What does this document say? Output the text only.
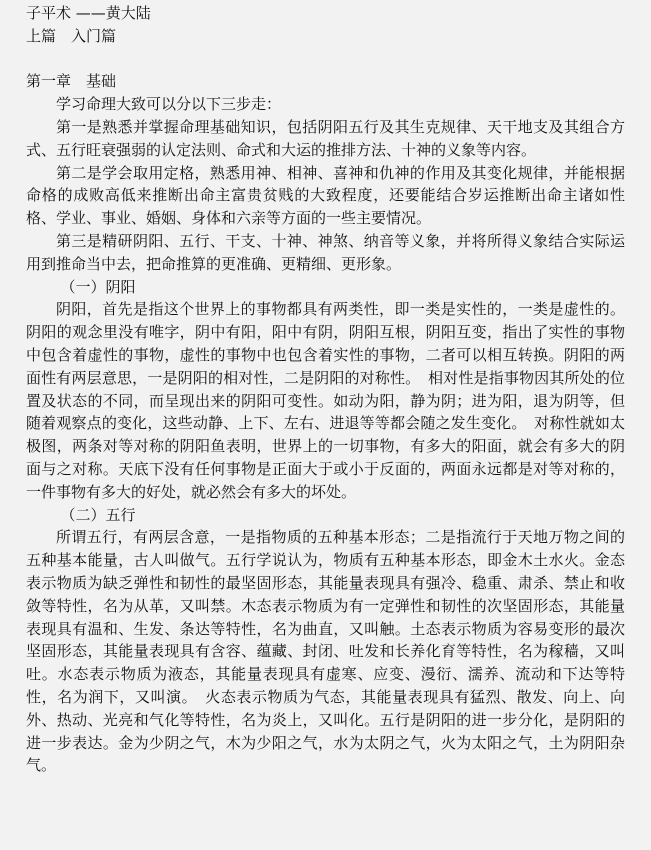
子平术 ——黄大陆

上篇　入门篇

第一章　基础

学习命理大致可以分以下三步走：

第一是熟悉并掌握命理基础知识，包括阴阳五行及其生克规律、天干地支及其组合方式、五行旺衰强弱的认定法则、命式和大运的推排方法、十神的义象等内容。

第二是学会取用定格，熟悉用神、相神、喜神和仇神的作用及其变化规律，并能根据命格的成败高低来推断出命主富贵贫贱的大致程度，还要能结合岁运推断出命主诸如性格、学业、事业、婚姻、身体和六亲等方面的一些主要情况。

第三是精研阴阳、五行、干支、十神、神煞、纳音等义象，并将所得义象结合实际运用到推命当中去，把命推算的更准确、更精细、更形象。

（一）阴阳

阴阳，首先是指这个世界上的事物都具有两类性，即一类是实性的，一类是虚性的。阴阳的观念里没有唯字，阴中有阳，阳中有阴，阴阳互根，阴阳互变，指出了实性的事物中包含着虚性的事物，虚性的事物中也包含着实性的事物，二者可以相互转换。阴阳的两面性有两层意思，一是阴阳的相对性，二是阴阳的对称性。　相对性是指事物因其所处的位置及状态的不同，而呈现出来的阴阳可变性。如动为阳，静为阴；进为阳，退为阴等，但随着观察点的变化，这些动静、上下、左右、进退等等都会随之发生变化。　对称性就如太极图，两条对等对称的阴阳鱼表明，世界上的一切事物，有多大的阳面，就会有多大的阴面与之对称。天底下没有任何事物是正面大于或小于反面的，两面永远都是对等对称的，一件事物有多大的好处，就必然会有多大的坏处。

（二）五行

所谓五行，有两层含意，一是指物质的五种基本形态；二是指流行于天地万物之间的五种基本能量，古人叫做气。五行学说认为，物质有五种基本形态，即金木土水火。金态表示物质为缺乏弹性和韧性的最坚固形态，其能量表现具有强冷、稳重、肃杀、禁止和收敛等特性，名为从革，又叫禁。木态表示物质为有一定弹性和韧性的次坚固形态，其能量表现具有温和、生发、条达等特性，名为曲直，又叫触。土态表示物质为容易变形的最次坚固形态，其能量表现具有含容、蕴藏、封闭、吐发和长养化育等特性，名为稼穑，又叫吐。水态表示物质为液态，其能量表现具有虚寒、应变、漫衍、濡养、流动和下达等特性，名为润下，又叫演。　火态表示物质为气态，其能量表现具有猛烈、散发、向上、向外、热动、光亮和气化等特性，名为炎上，又叫化。五行是阴阳的进一步分化，是阴阳的进一步表达。金为少阴之气，木为少阳之气，水为太阴之气，火为太阳之气，土为阴阳杂气。
